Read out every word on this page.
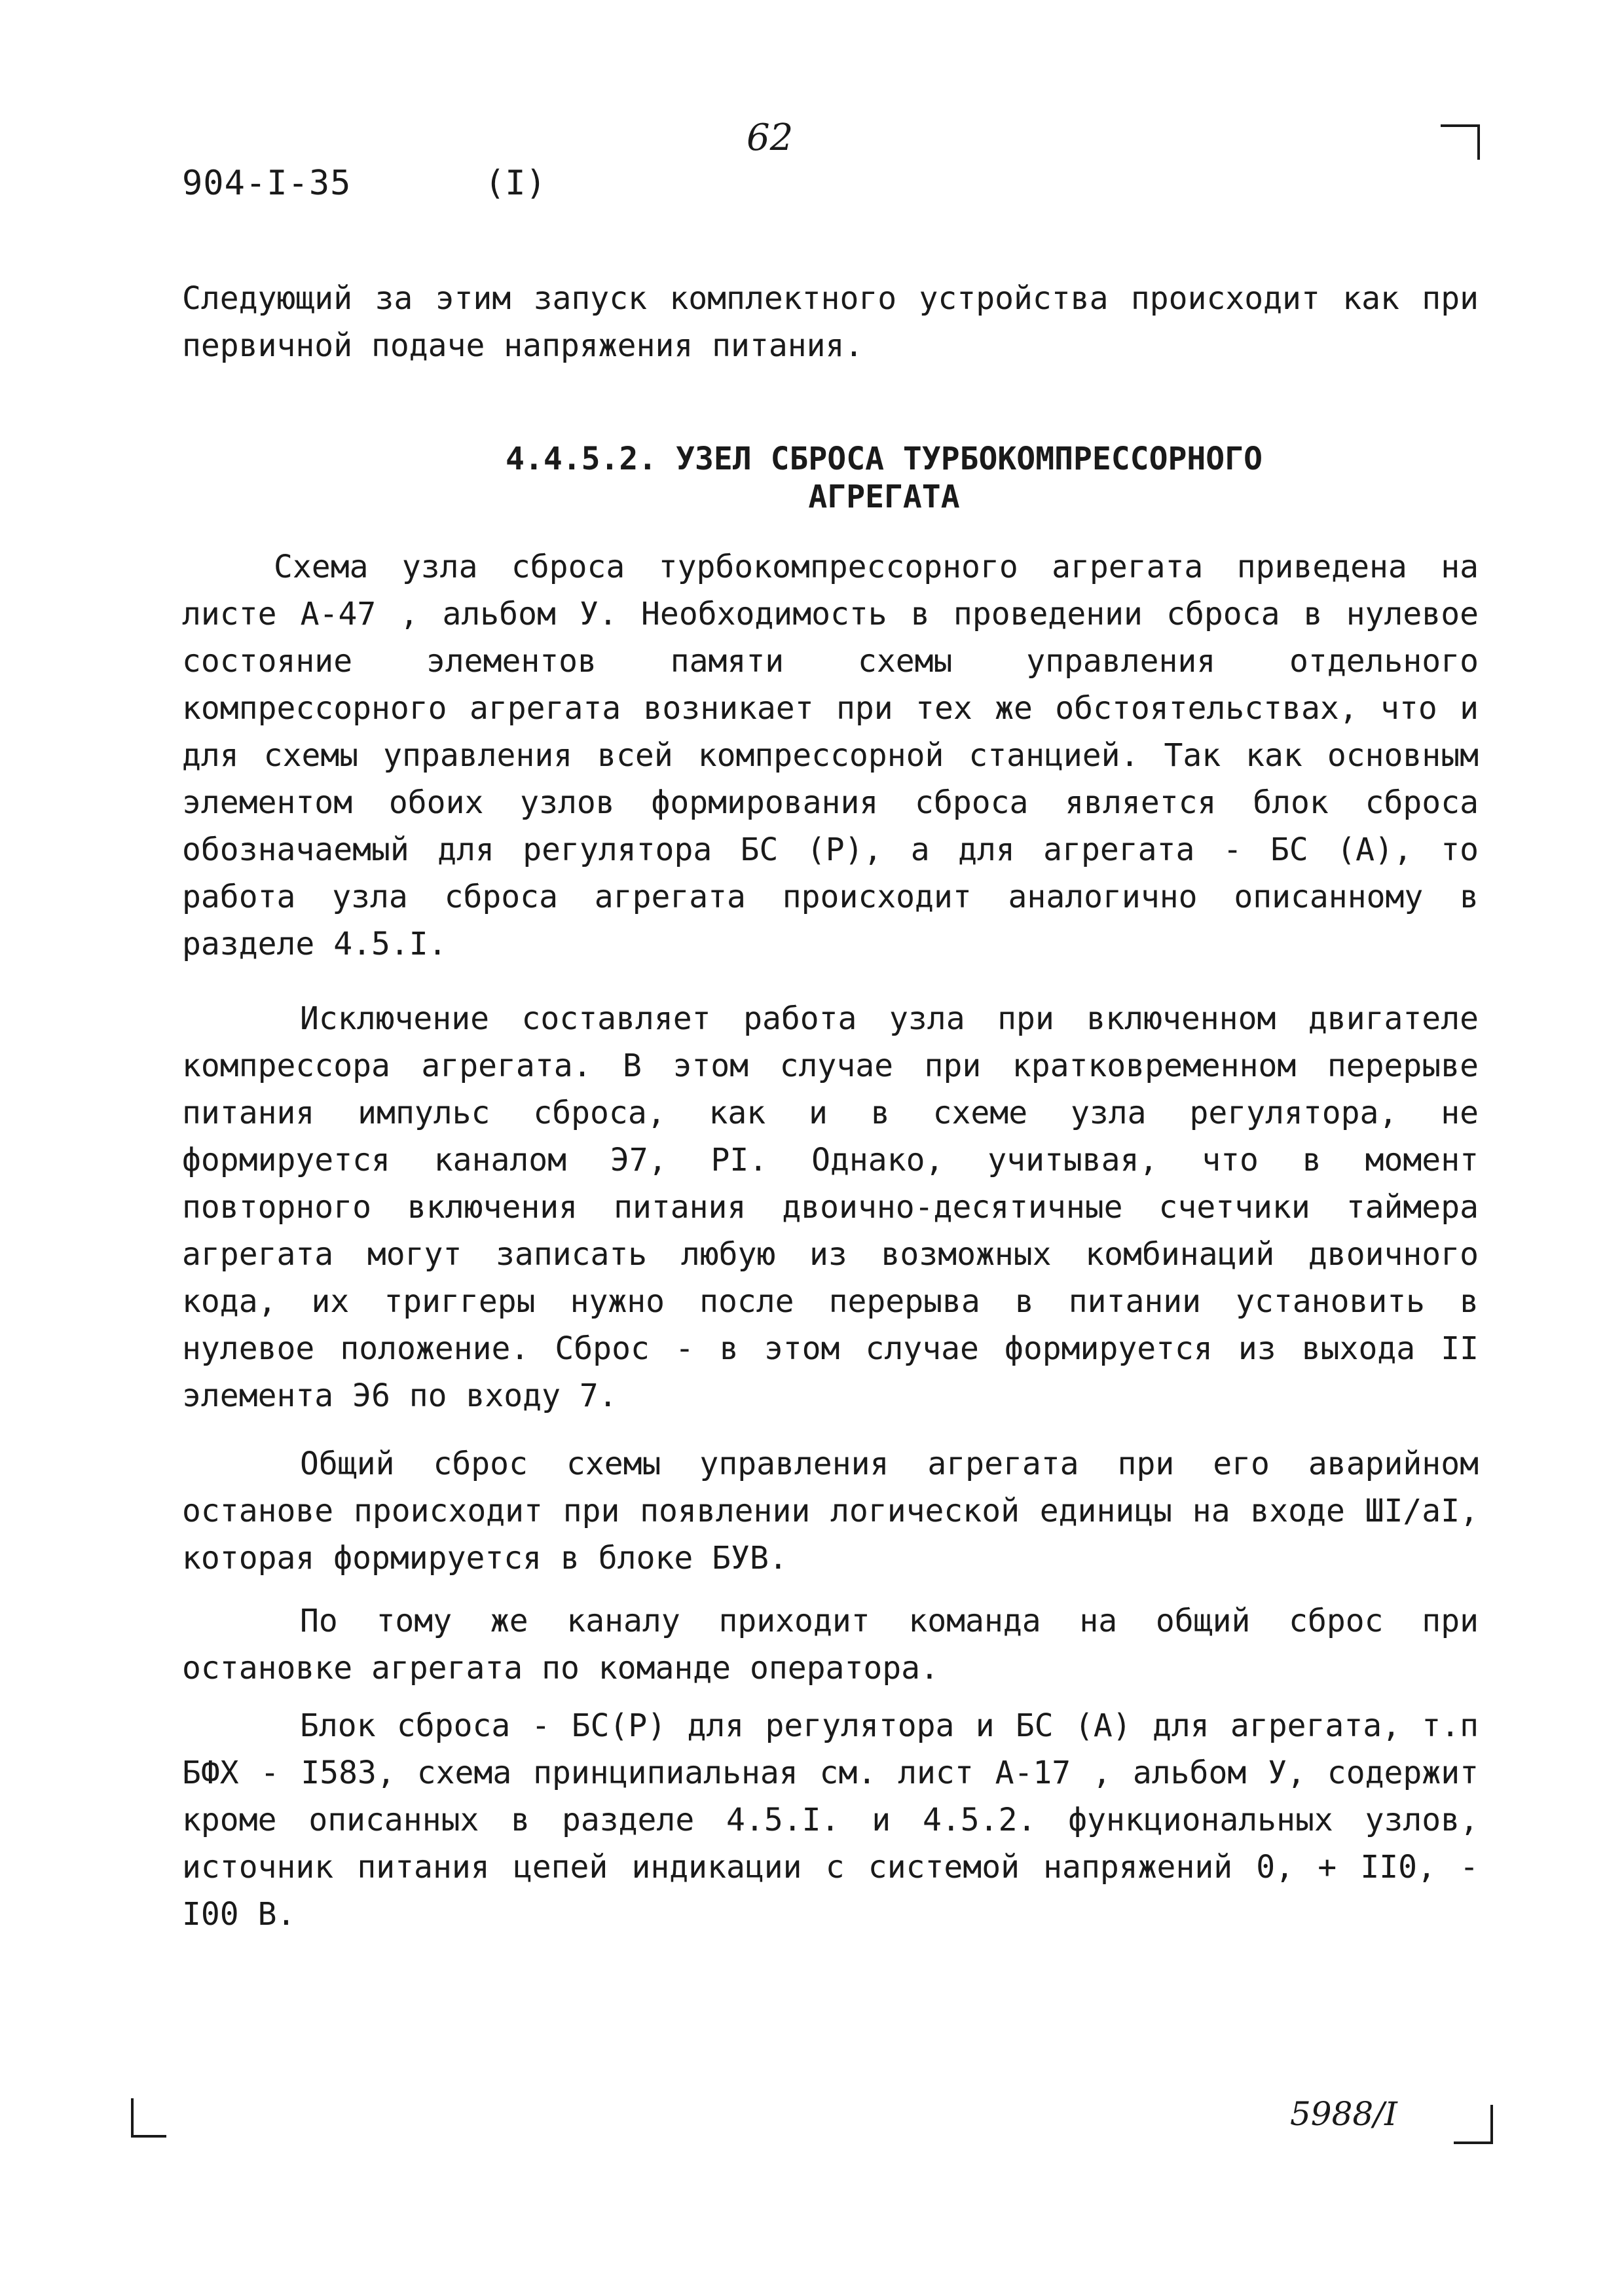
904-I-35	(I)
62
Следующий за этим запуск комплектного устройства происходит как при первичной подаче напряжения питания.
4.4.5.2. УЗЕЛ СБРОСА ТУРБОКОМПРЕССОРНОГО
АГРЕГАТА
Схема узла сброса турбокомпрессорного агрегата приведена на листе А-47 , альбом У. Необходимость в проведении сброса в нулевое состояние элементов памяти схемы управления отдельного компрессорного агрегата возникает при тех же обстоятельствах, что и для схемы управления всей компрессорной станцией. Так как основным элементом обоих узлов формирования сброса является блок сброса обозначаемый для регулятора БС (Р), а для агрегата - БС (А), то работа узла сброса агрегата происходит аналогично описанному в разделе 4.5.I.
Исключение составляет работа узла при включенном двигателе компрессора агрегата. В этом случае при кратковременном перерыве питания импульс сброса, как и в схеме узла регулятора, не формируется каналом Э7, PI. Однако, учитывая, что в момент повторного включения питания двоично-десятичные счетчики таймера агрегата могут записать любую из возможных комбинаций двоичного кода, их триггеры нужно после перерыва в питании установить в нулевое положение. Сброс - в этом случае формируется из выхода II элемента Э6 по входу 7.
Общий сброс схемы управления агрегата при его аварийном останове происходит при появлении логической единицы на входе ШI/aI, которая формируется в блоке БУВ.
По тому же каналу приходит команда на общий сброс при остановке агрегата по команде оператора.
Блок сброса - БС(Р) для регулятора и БС (А) для агрегата, т.п БФХ - I583, схема принципиальная см. лист А-17 , альбом У, содержит кроме описанных в разделе 4.5.I. и 4.5.2. функциональных узлов, источник питания цепей индикации с системой напряжений 0, + II0, - I00 В.
5988/I
